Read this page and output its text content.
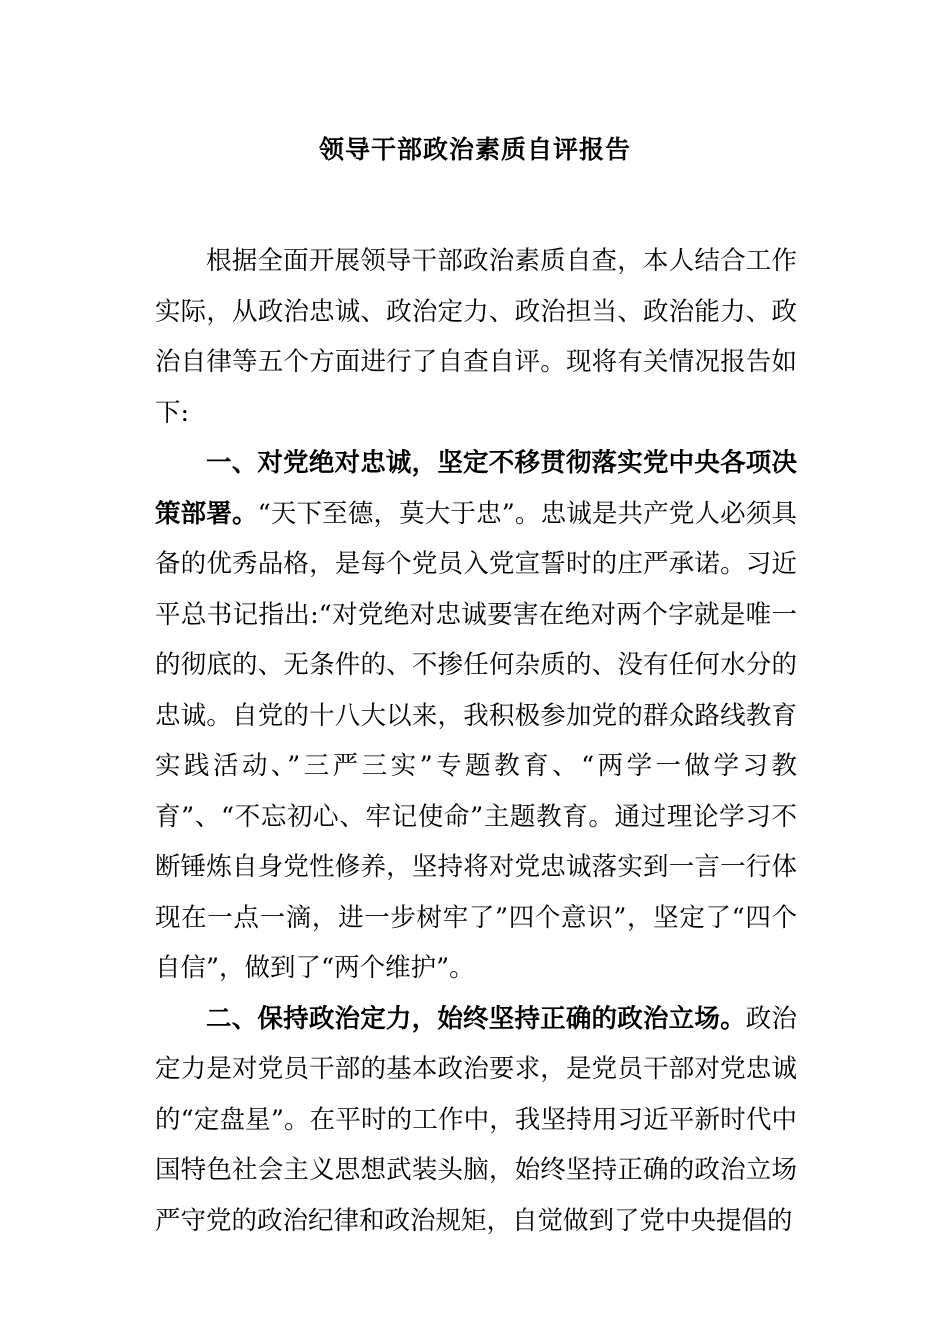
领导干部政治素质自评报告

根据全面开展领导干部政治素质自查，本人结合工作实际，从政治忠诚、政治定力、政治担当、政治能力、政治自律等五个方面进行了自查自评。现将有关情况报告如下:

一、对党绝对忠诚，坚定不移贯彻落实党中央各项决策部署。“天下至德，莫大于忠”。忠诚是共产党人必须具备的优秀品格，是每个党员入党宣誓时的庄严承诺。习近平总书记指出:“对党绝对忠诚要害在绝对两个字就是唯一的彻底的、无条件的、不掺任何杂质的、没有任何水分的忠诚。自党的十八大以来，我积极参加党的群众路线教育实践活动、”三严三实”专题教育、“两学一做学习教育”、“不忘初心、牢记使命”主题教育。通过理论学习不断锤炼自身党性修养，坚持将对党忠诚落实到一言一行体现在一点一滴，进一步树牢了”四个意识”，坚定了“四个自信”，做到了“两个维护”。

二、保持政治定力，始终坚持正确的政治立场。政治定力是对党员干部的基本政治要求，是党员干部对党忠诚的“定盘星”。在平时的工作中，我坚持用习近平新时代中国特色社会主义思想武装头脑，始终坚持正确的政治立场严守党的政治纪律和政治规矩，自觉做到了党中央提倡的
